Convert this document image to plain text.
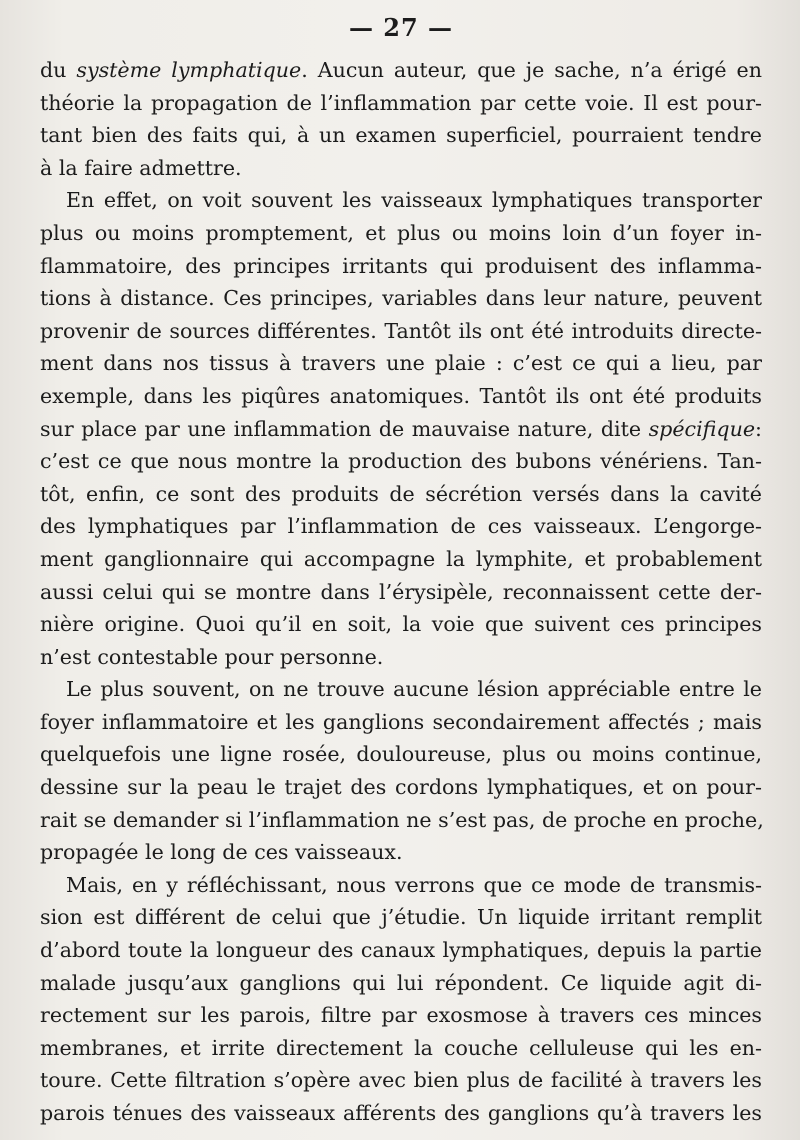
— 27 —
du système lymphatique. Aucun auteur, que je sache, n’a érigé en
théorie la propagation de l’inflammation par cette voie. Il est pour-
tant bien des faits qui, à un examen superficiel, pourraient tendre
à la faire admettre.
En effet, on voit souvent les vaisseaux lymphatiques transporter
plus ou moins promptement, et plus ou moins loin d’un foyer in-
flammatoire, des principes irritants qui produisent des inflamma-
tions à distance. Ces principes, variables dans leur nature, peuvent
provenir de sources différentes. Tantôt ils ont été introduits directe-
ment dans nos tissus à travers une plaie : c’est ce qui a lieu, par
exemple, dans les piqûres anatomiques. Tantôt ils ont été produits
sur place par une inflammation de mauvaise nature, dite spécifique:
c’est ce que nous montre la production des bubons vénériens. Tan-
tôt, enfin, ce sont des produits de sécrétion versés dans la cavité
des lymphatiques par l’inflammation de ces vaisseaux. L’engorge-
ment ganglionnaire qui accompagne la lymphite, et probablement
aussi celui qui se montre dans l’érysipèle, reconnaissent cette der-
nière origine. Quoi qu’il en soit, la voie que suivent ces principes
n’est contestable pour personne.
Le plus souvent, on ne trouve aucune lésion appréciable entre le
foyer inflammatoire et les ganglions secondairement affectés ; mais
quelquefois une ligne rosée, douloureuse, plus ou moins continue,
dessine sur la peau le trajet des cordons lymphatiques, et on pour-
rait se demander si l’inflammation ne s’est pas, de proche en proche,
propagée le long de ces vaisseaux.
Mais, en y réfléchissant, nous verrons que ce mode de transmis-
sion est différent de celui que j’étudie. Un liquide irritant remplit
d’abord toute la longueur des canaux lymphatiques, depuis la partie
malade jusqu’aux ganglions qui lui répondent. Ce liquide agit di-
rectement sur les parois, filtre par exosmose à travers ces minces
membranes, et irrite directement la couche celluleuse qui les en-
toure. Cette filtration s’opère avec bien plus de facilité à travers les
parois ténues des vaisseaux afférents des ganglions qu’à travers les
